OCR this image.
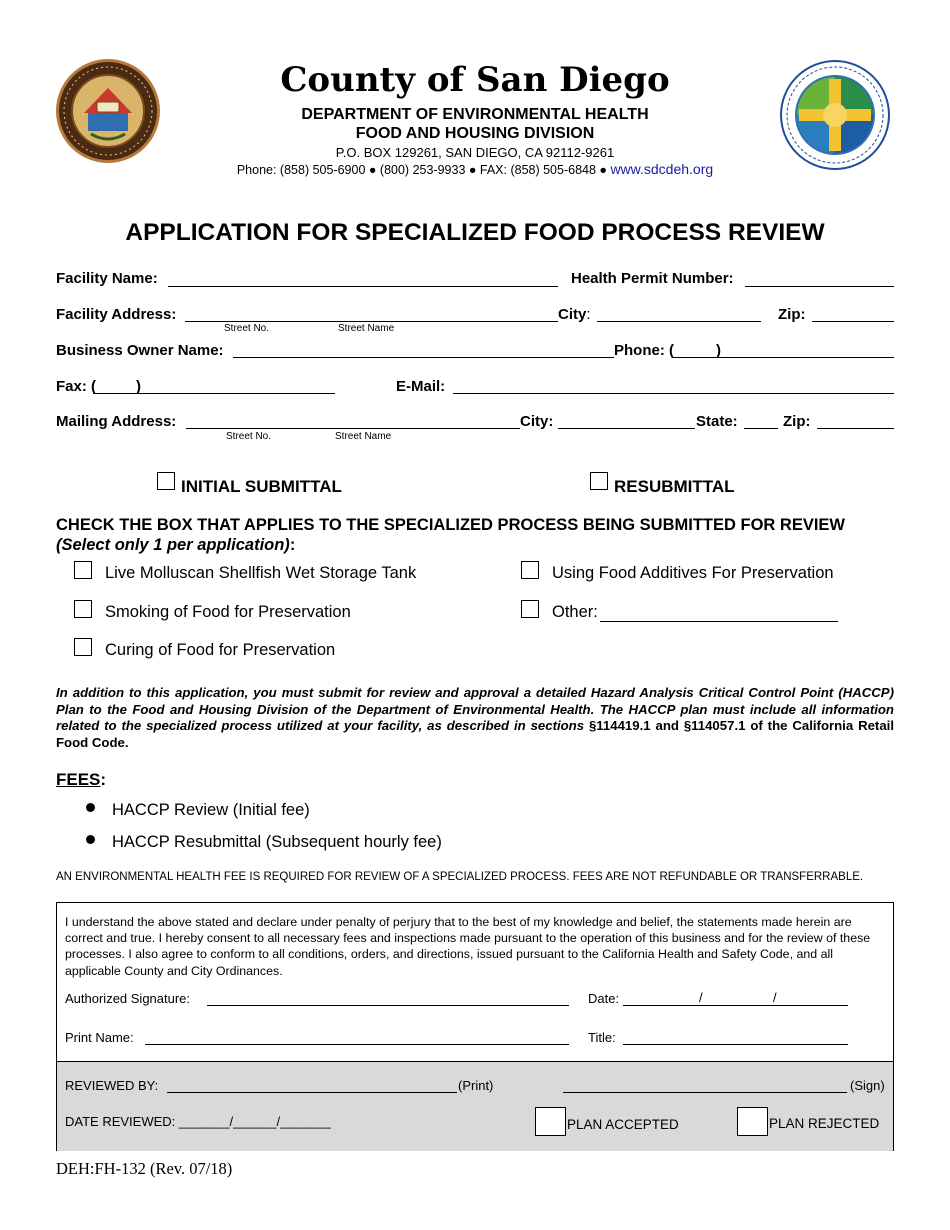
County of San Diego
DEPARTMENT OF ENVIRONMENTAL HEALTH
FOOD AND HOUSING DIVISION
P.O. BOX 129261, SAN DIEGO, CA 92112-9261
Phone: (858) 505-6900 ● (800) 253-9933 ● FAX: (858) 505-6848 ● www.sdcdeh.org
APPLICATION FOR SPECIALIZED FOOD PROCESS REVIEW
Facility Name:	Health Permit Number:
Facility Address:
Street No.	Street Name
City:	Zip:
Business Owner Name:	Phone: (	)
Fax: (	)	E-Mail:
Mailing Address:
Street No.	Street Name
City:	State:	Zip:
INITIAL SUBMITTAL	RESUBMITTAL
CHECK THE BOX THAT APPLIES TO THE SPECIALIZED PROCESS BEING SUBMITTED FOR REVIEW
(Select only 1 per application):
Live Molluscan Shellfish Wet Storage Tank	Using Food Additives For Preservation
Smoking of Food for Preservation	Other:
Curing of Food for Preservation
In addition to this application, you must submit for review and approval a detailed Hazard Analysis Critical Control Point (HACCP) Plan to the Food and Housing Division of the Department of Environmental Health. The HACCP plan must include all information related to the specialized process utilized at your facility, as described in sections §114419.1 and §114057.1 of the California Retail Food Code.
FEES:
HACCP Review (Initial fee)
HACCP Resubmittal (Subsequent hourly fee)
AN ENVIRONMENTAL HEALTH FEE IS REQUIRED FOR REVIEW OF A SPECIALIZED PROCESS. FEES ARE NOT REFUNDABLE OR TRANSFERRABLE.
I understand the above stated and declare under penalty of perjury that to the best of my knowledge and belief, the statements made herein are correct and true. I hereby consent to all necessary fees and inspections made pursuant to the operation of this business and for the review of these processes. I also agree to conform to all conditions, orders, and directions, issued pursuant to the California Health and Safety Code, and all applicable County and City Ordinances.
Authorized Signature:	Date:	/	/
Print Name:	Title:
REVIEWED BY:	(Print)	(Sign)
DATE REVIEWED: _______/______/_______	PLAN ACCEPTED	PLAN REJECTED
DEH:FH-132 (Rev. 07/18)
